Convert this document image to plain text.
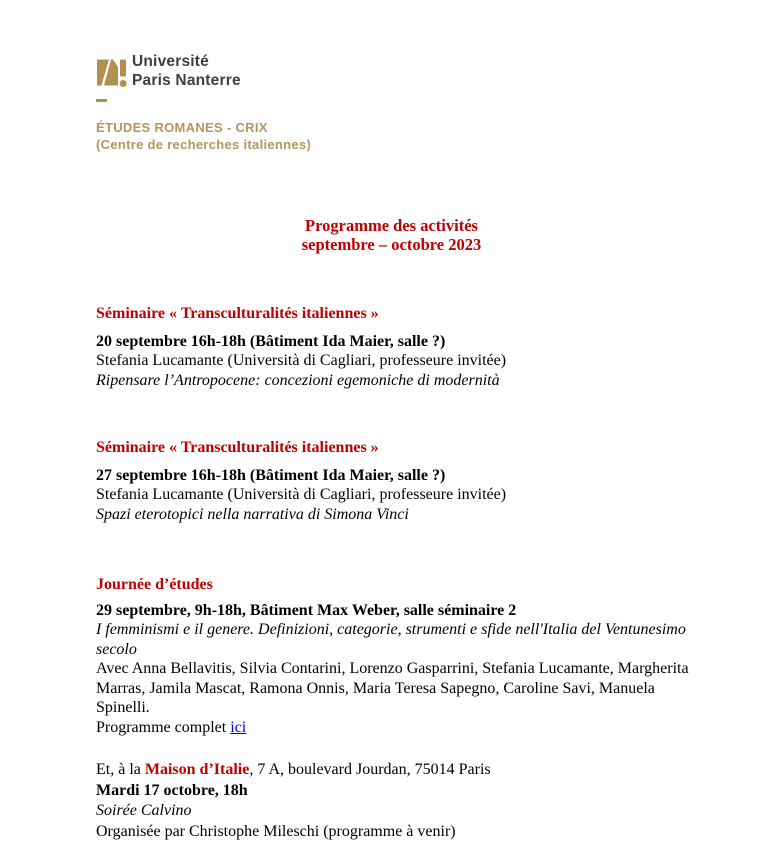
Université
Paris Nanterre
ÉTUDES ROMANES - CRIX
(Centre de recherches italiennes)
Programme des activités
septembre – octobre 2023
Séminaire « Transculturalités italiennes »

20 septembre 16h-18h (Bâtiment Ida Maier, salle ?)

Stefania Lucamante (Università di Cagliari, professeure invitée)

Ripensare l’Antropocene: concezioni egemoniche di modernità

Séminaire « Transculturalités italiennes »

27 septembre 16h-18h (Bâtiment Ida Maier, salle ?)

Stefania Lucamante (Università di Cagliari, professeure invitée)

Spazi eterotopici nella narrativa di Simona Vinci

Journée d’études

29 septembre, 9h-18h, Bâtiment Max Weber, salle séminaire 2

I femminismi e il genere. Definizioni, categorie, strumenti e sfide nell'Italia del Ventunesimo secolo

Avec Anna Bellavitis, Silvia Contarini, Lorenzo Gasparrini, Stefania Lucamante, Margherita Marras, Jamila Mascat, Ramona Onnis, Maria Teresa Sapegno, Caroline Savi, Manuela Spinelli.

Programme complet ici

Et, à la Maison d’Italie, 7 A, boulevard Jourdan, 75014 Paris

Mardi 17 octobre, 18h

Soirée Calvino

Organisée par Christophe Mileschi (programme à venir)
